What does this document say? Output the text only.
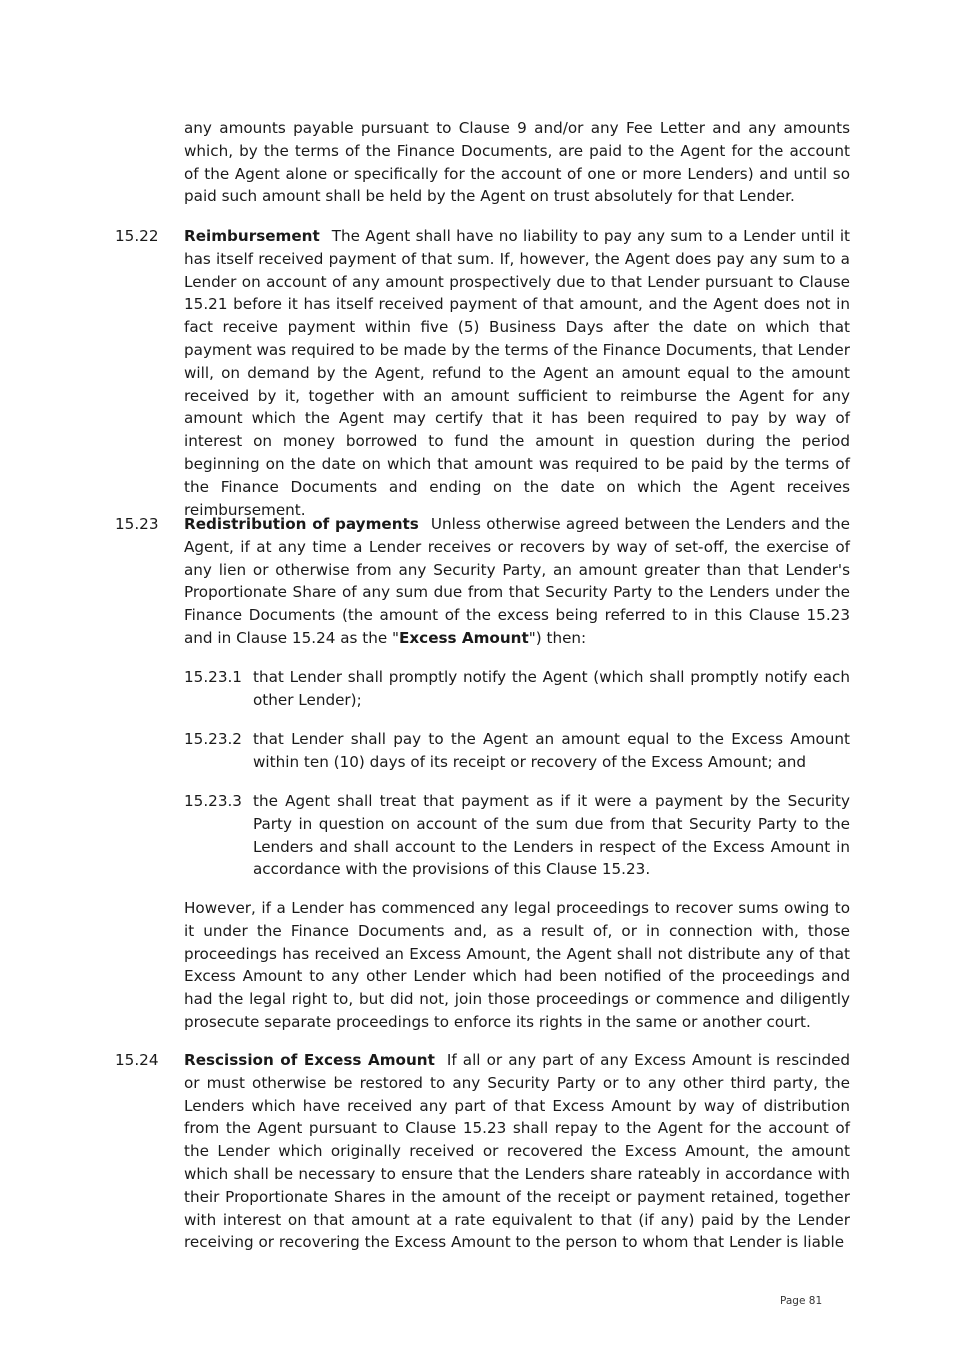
any amounts payable pursuant to Clause 9 and/or any Fee Letter and any amounts which, by the terms of the Finance Documents, are paid to the Agent for the account of the Agent alone or specifically for the account of one or more Lenders) and until so paid such amount shall be held by the Agent on trust absolutely for that Lender.

15.22 Reimbursement The Agent shall have no liability to pay any sum to a Lender until it has itself received payment of that sum. If, however, the Agent does pay any sum to a Lender on account of any amount prospectively due to that Lender pursuant to Clause 15.21 before it has itself received payment of that amount, and the Agent does not in fact receive payment within five (5) Business Days after the date on which that payment was required to be made by the terms of the Finance Documents, that Lender will, on demand by the Agent, refund to the Agent an amount equal to the amount received by it, together with an amount sufficient to reimburse the Agent for any amount which the Agent may certify that it has been required to pay by way of interest on money borrowed to fund the amount in question during the period beginning on the date on which that amount was required to be paid by the terms of the Finance Documents and ending on the date on which the Agent receives reimbursement.

15.23 Redistribution of payments Unless otherwise agreed between the Lenders and the Agent, if at any time a Lender receives or recovers by way of set-off, the exercise of any lien or otherwise from any Security Party, an amount greater than that Lender's Proportionate Share of any sum due from that Security Party to the Lenders under the Finance Documents (the amount of the excess being referred to in this Clause 15.23 and in Clause 15.24 as the "Excess Amount") then:

15.23.1 that Lender shall promptly notify the Agent (which shall promptly notify each other Lender);

15.23.2 that Lender shall pay to the Agent an amount equal to the Excess Amount within ten (10) days of its receipt or recovery of the Excess Amount; and

15.23.3 the Agent shall treat that payment as if it were a payment by the Security Party in question on account of the sum due from that Security Party to the Lenders and shall account to the Lenders in respect of the Excess Amount in accordance with the provisions of this Clause 15.23.

However, if a Lender has commenced any legal proceedings to recover sums owing to it under the Finance Documents and, as a result of, or in connection with, those proceedings has received an Excess Amount, the Agent shall not distribute any of that Excess Amount to any other Lender which had been notified of the proceedings and had the legal right to, but did not, join those proceedings or commence and diligently prosecute separate proceedings to enforce its rights in the same or another court.

15.24 Rescission of Excess Amount If all or any part of any Excess Amount is rescinded or must otherwise be restored to any Security Party or to any other third party, the Lenders which have received any part of that Excess Amount by way of distribution from the Agent pursuant to Clause 15.23 shall repay to the Agent for the account of the Lender which originally received or recovered the Excess Amount, the amount which shall be necessary to ensure that the Lenders share rateably in accordance with their Proportionate Shares in the amount of the receipt or payment retained, together with interest on that amount at a rate equivalent to that (if any) paid by the Lender receiving or recovering the Excess Amount to the person to whom that Lender is liable

Page 81
